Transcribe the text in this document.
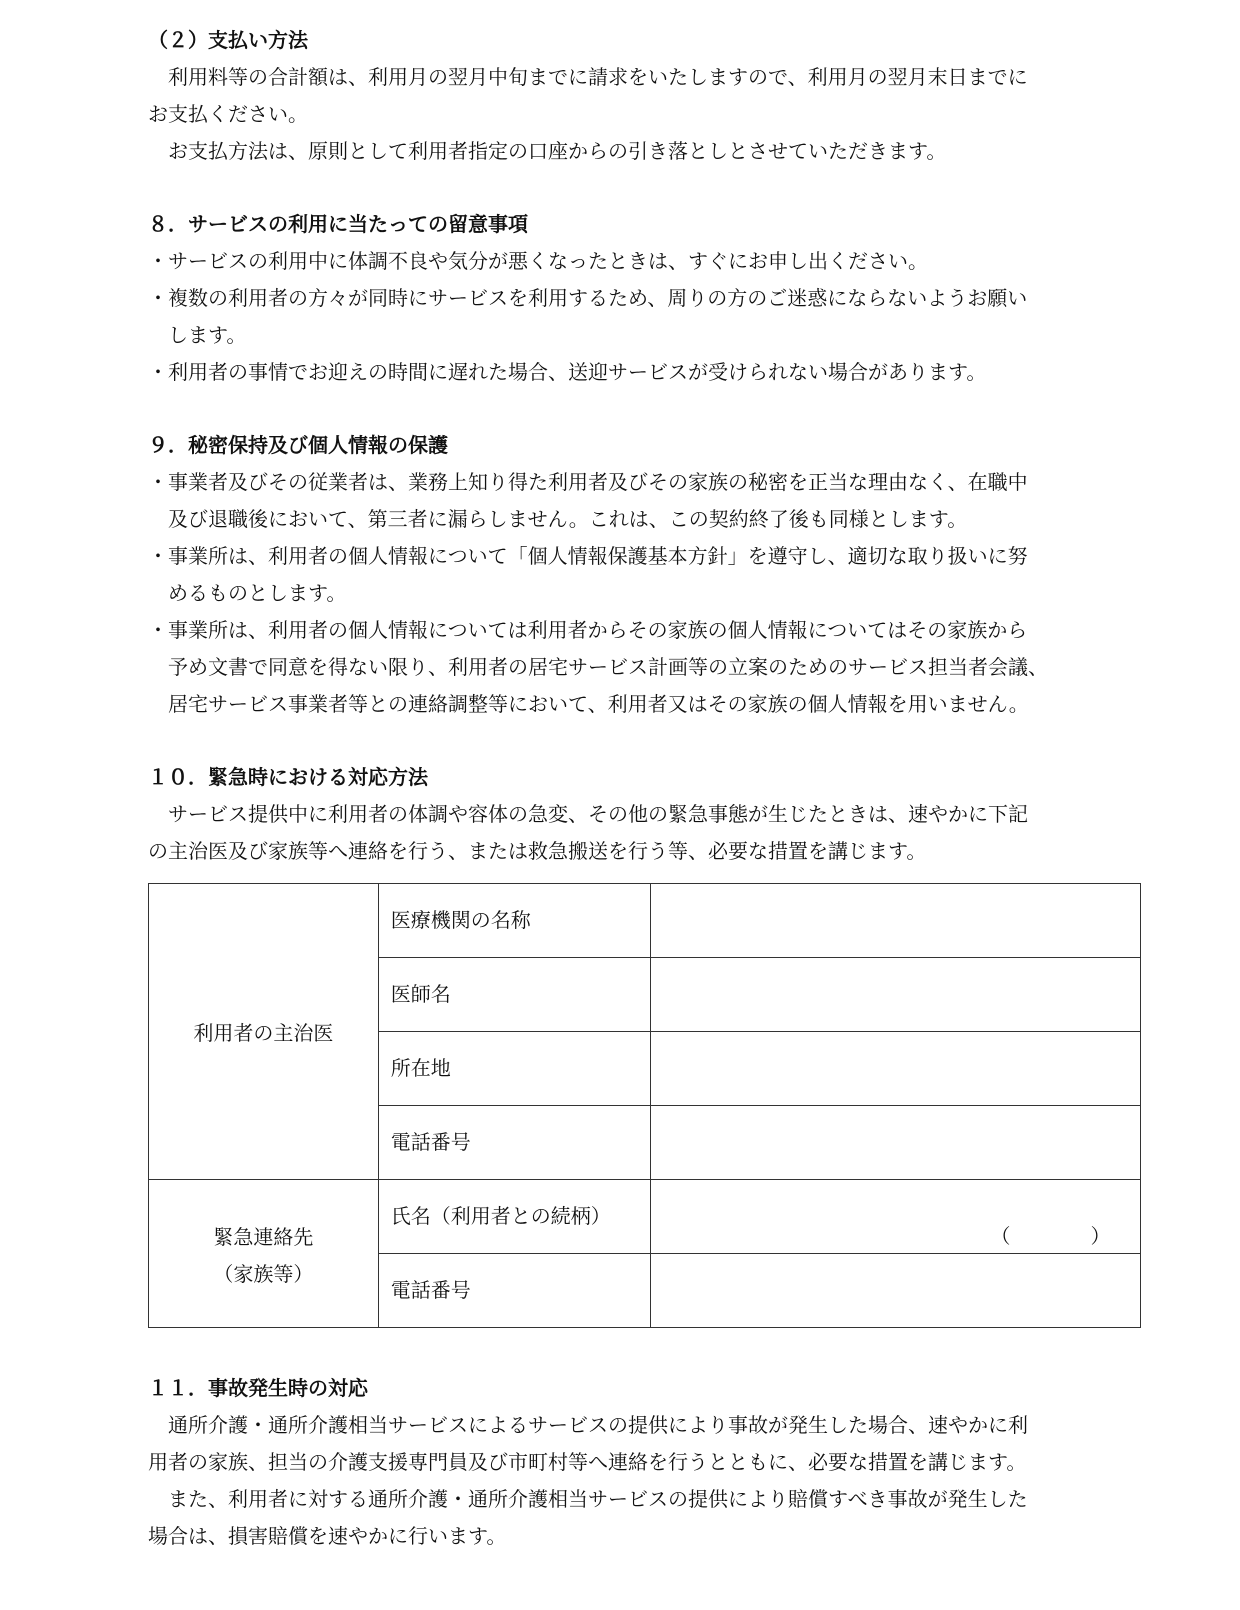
（２）支払い方法
利用料等の合計額は、利用月の翌月中旬までに請求をいたしますので、利用月の翌月末日までに
お支払ください。
お支払方法は、原則として利用者指定の口座からの引き落としとさせていただきます。
８．サービスの利用に当たっての留意事項
・サービスの利用中に体調不良や気分が悪くなったときは、すぐにお申し出ください。
・複数の利用者の方々が同時にサービスを利用するため、周りの方のご迷惑にならないようお願い
します。
・利用者の事情でお迎えの時間に遅れた場合、送迎サービスが受けられない場合があります。
９．秘密保持及び個人情報の保護
・事業者及びその従業者は、業務上知り得た利用者及びその家族の秘密を正当な理由なく、在職中
及び退職後において、第三者に漏らしません。これは、この契約終了後も同様とします。
・事業所は、利用者の個人情報について「個人情報保護基本方針」を遵守し、適切な取り扱いに努
めるものとします。
・事業所は、利用者の個人情報については利用者からその家族の個人情報についてはその家族から
予め文書で同意を得ない限り、利用者の居宅サービス計画等の立案のためのサービス担当者会議、
居宅サービス事業者等との連絡調整等において、利用者又はその家族の個人情報を用いません。
１０．緊急時における対応方法
サービス提供中に利用者の体調や容体の急変、その他の緊急事態が生じたときは、速やかに下記
の主治医及び家族等へ連絡を行う、または救急搬送を行う等、必要な措置を講じます。
利用者の主治医	医療機関の名称	

	医師名	

	所在地	

	電話番号	

緊急連絡先
（家族等）	氏名（利用者との続柄）	（　　　　）

	電話番号	

１１．事故発生時の対応
通所介護・通所介護相当サービスによるサービスの提供により事故が発生した場合、速やかに利
用者の家族、担当の介護支援専門員及び市町村等へ連絡を行うとともに、必要な措置を講じます。
また、利用者に対する通所介護・通所介護相当サービスの提供により賠償すべき事故が発生した
場合は、損害賠償を速やかに行います。
